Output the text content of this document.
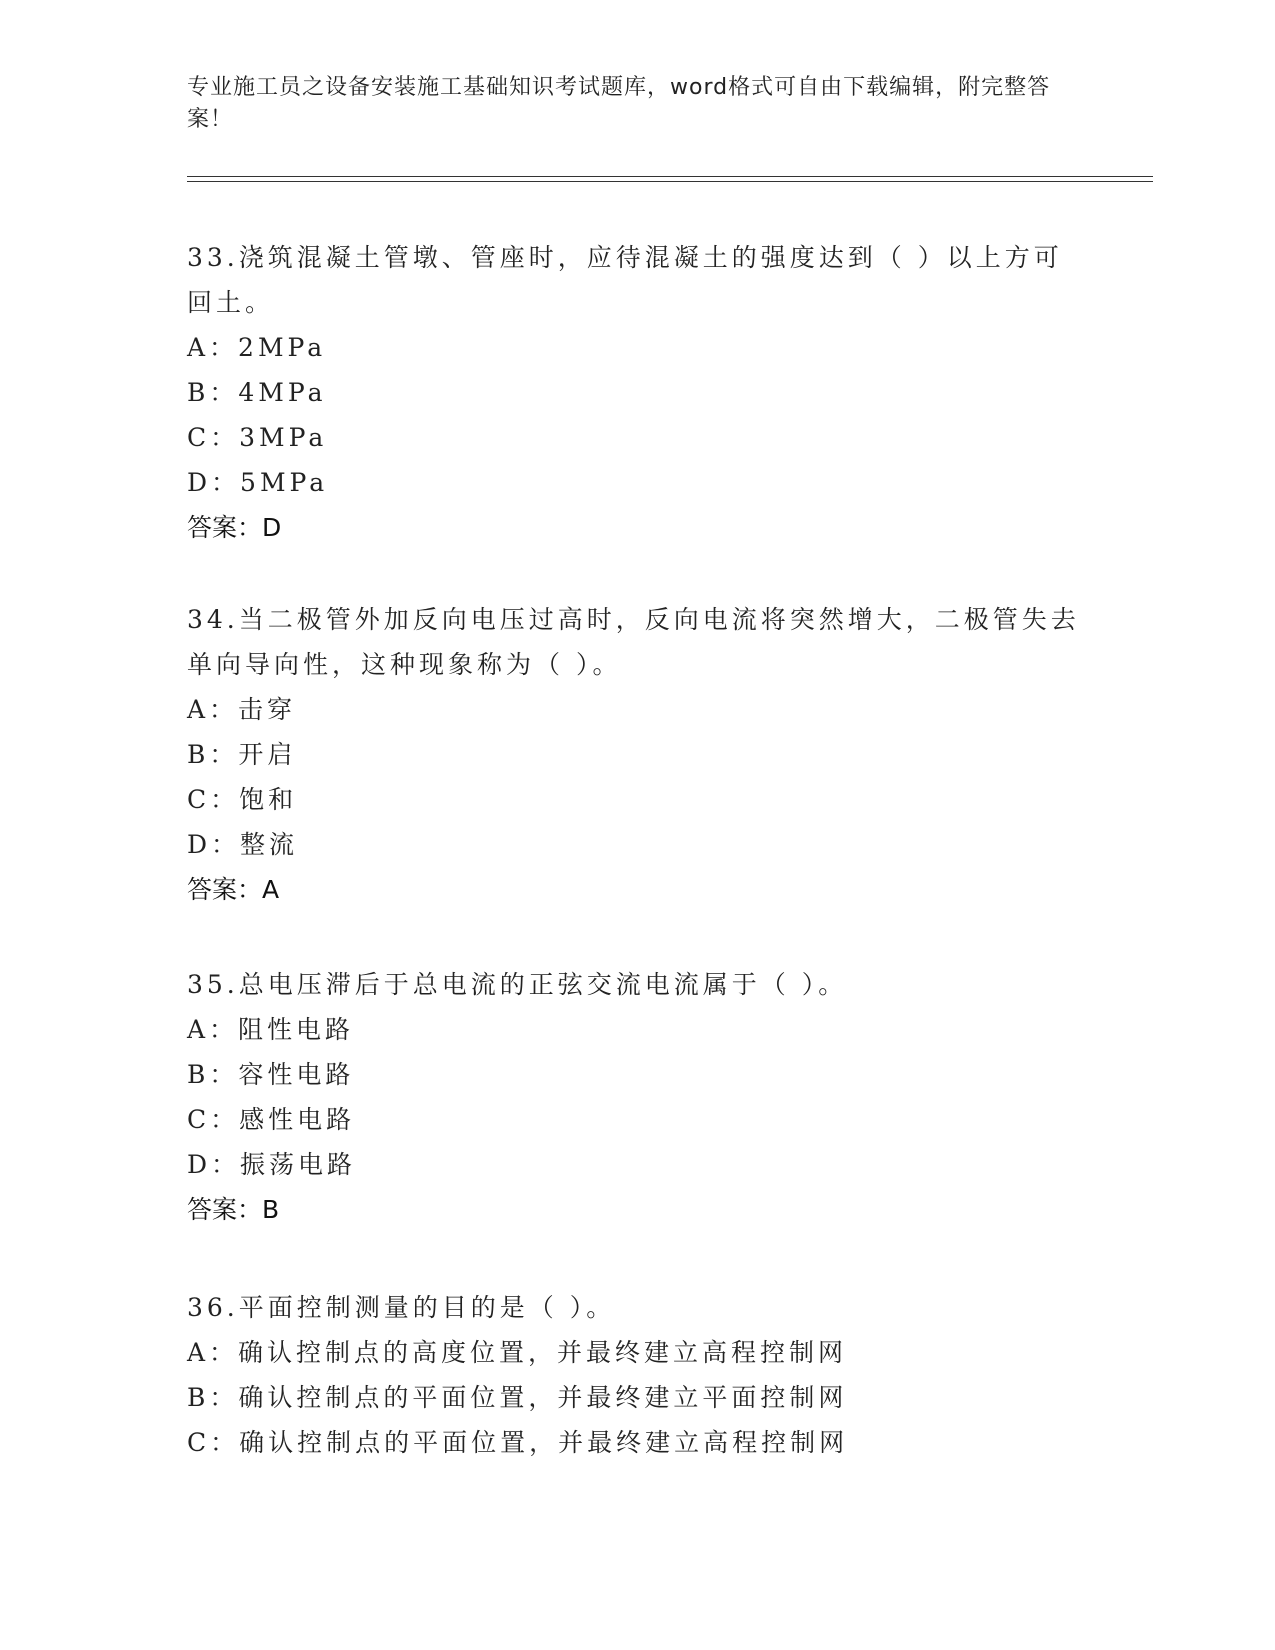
专业施工员之设备安装施工基础知识考试题库，word格式可自由下载编辑，附完整答案！
33.浇筑混凝土管墩、管座时，应待混凝土的强度达到（ ）以上方可回土。
A：2MPa
B：4MPa
C：3MPa
D：5MPa
答案：D
34.当二极管外加反向电压过高时，反向电流将突然增大，二极管失去单向导向性，这种现象称为（ ）。
A：击穿
B：开启
C：饱和
D：整流
答案：A
35.总电压滞后于总电流的正弦交流电流属于（ ）。
A：阻性电路
B：容性电路
C：感性电路
D：振荡电路
答案：B
36.平面控制测量的目的是（ ）。
A：确认控制点的高度位置，并最终建立高程控制网
B：确认控制点的平面位置，并最终建立平面控制网
C：确认控制点的平面位置，并最终建立高程控制网
